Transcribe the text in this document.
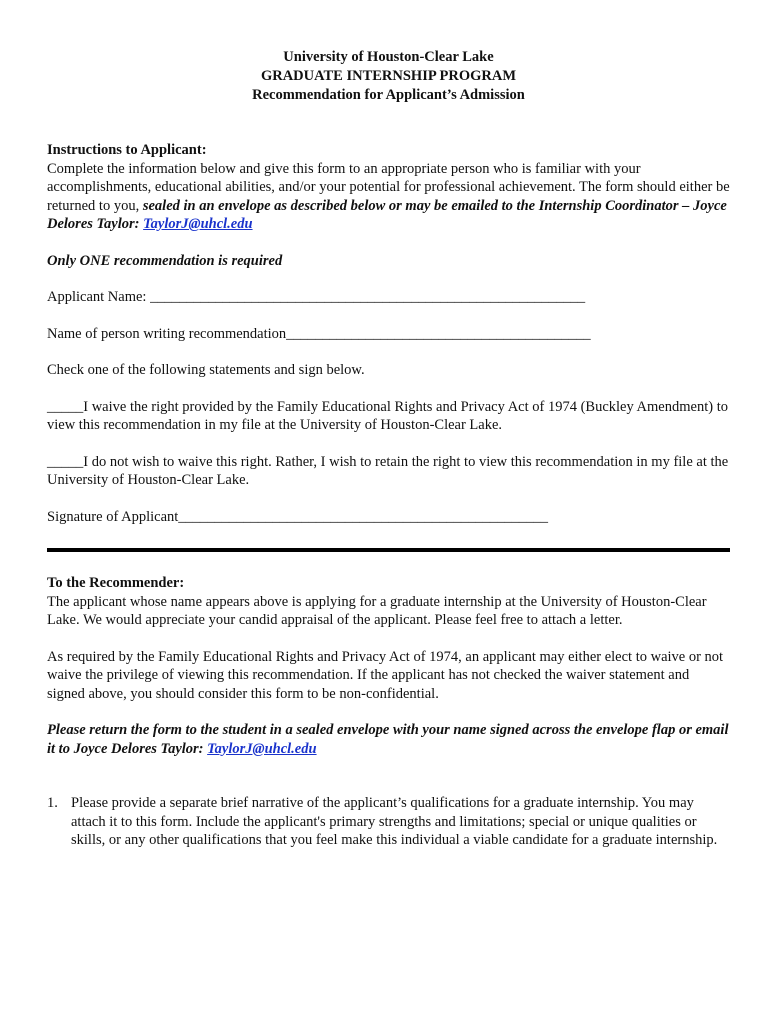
University of Houston-Clear Lake
GRADUATE INTERNSHIP PROGRAM
Recommendation for Applicant’s Admission

Instructions to Applicant:

Complete the information below and give this form to an appropriate person who is familiar with your accomplishments, educational abilities, and/or your potential for professional achievement. The form should either be returned to you, sealed in an envelope as described below or may be emailed to the Internship Coordinator – Joyce Delores Taylor: TaylorJ@uhcl.edu

Only ONE recommendation is required

Applicant Name: ____________________________________________________________

Name of person writing recommendation__________________________________________

Check one of the following statements and sign below.

_____I waive the right provided by the Family Educational Rights and Privacy Act of 1974 (Buckley Amendment) to view this recommendation in my file at the University of Houston-Clear Lake.

_____I do not wish to waive this right. Rather, I wish to retain the right to view this recommendation in my file at the University of Houston-Clear Lake.

Signature of Applicant___________________________________________________

To the Recommender:

The applicant whose name appears above is applying for a graduate internship at the University of Houston-Clear Lake. We would appreciate your candid appraisal of the applicant. Please feel free to attach a letter.

As required by the Family Educational Rights and Privacy Act of 1974, an applicant may either elect to waive or not waive the privilege of viewing this recommendation. If the applicant has not checked the waiver statement and signed above, you should consider this form to be non-confidential.

Please return the form to the student in a sealed envelope with your name signed across the envelope flap or email it to Joyce Delores Taylor: TaylorJ@uhcl.edu

1. Please provide a separate brief narrative of the applicant’s qualifications for a graduate internship. You may attach it to this form. Include the applicant's primary strengths and limitations; special or unique qualities or skills, or any other qualifications that you feel make this individual a viable candidate for a graduate internship.
